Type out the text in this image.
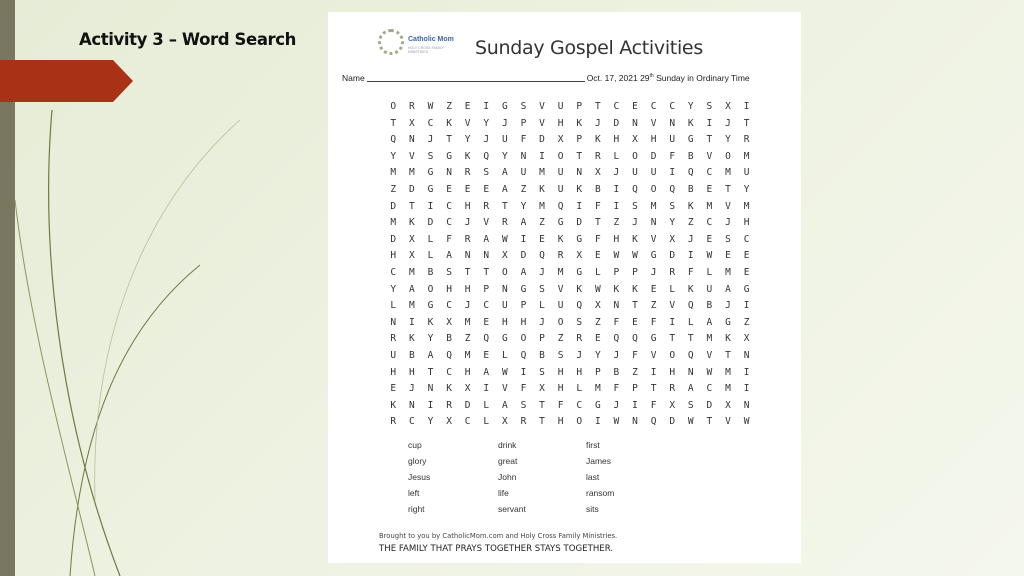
Activity 3 – Word Search	Catholic Mom
HOLY CROSS FAMILY MINISTRIES	Sunday Gospel Activities
Name	Oct. 17, 2021 29th Sunday in Ordinary Time
O	R	W	Z	E	I	G	S	V	U	P	T	C	E	C	C	Y	S	X	I
T	X	C	K	V	Y	J	P	V	H	K	J	D	N	V	N	K	I	J	T
Q	N	J	T	Y	J	U	F	D	X	P	K	H	X	H	U	G	T	Y	R
Y	V	S	G	K	Q	Y	N	I	O	T	R	L	O	D	F	B	V	O	M
M	M	G	N	R	S	A	U	M	U	N	X	J	U	U	I	Q	C	M	U
Z	D	G	E	E	E	A	Z	K	U	K	B	I	Q	O	Q	B	E	T	Y
D	T	I	C	H	R	T	Y	M	Q	I	F	I	S	M	S	K	M	V	M
M	K	D	C	J	V	R	A	Z	G	D	T	Z	J	N	Y	Z	C	J	H
D	X	L	F	R	A	W	I	E	K	G	F	H	K	V	X	J	E	S	C
H	X	L	A	N	N	X	D	Q	R	X	E	W	W	G	D	I	W	E	E
C	M	B	S	T	T	O	A	J	M	G	L	P	P	J	R	F	L	M	E
Y	A	O	H	H	P	N	G	S	V	K	W	K	K	E	L	K	U	A	G
L	M	G	C	J	C	U	P	L	U	Q	X	N	T	Z	V	Q	B	J	I
N	I	K	X	M	E	H	H	J	O	S	Z	F	E	F	I	L	A	G	Z
R	K	Y	B	Z	Q	G	O	P	Z	R	E	Q	Q	G	T	T	M	K	X
U	B	A	Q	M	E	L	Q	B	S	J	Y	J	F	V	O	Q	V	T	N
H	H	T	C	H	A	W	I	S	H	H	P	B	Z	I	H	N	W	M	I
E	J	N	K	X	I	V	F	X	H	L	M	F	P	T	R	A	C	M	I
K	N	I	R	D	L	A	S	T	F	C	G	J	I	F	X	S	D	X	N
R	C	Y	X	C	L	X	R	T	H	O	I	W	N	Q	D	W	T	V	W
cup	drink	first
glory	great	James
Jesus	John	last
left	life	ransom
right	servant	sits
Brought to you by CatholicMom.com and Holy Cross Family Ministries.
THE FAMILY THAT PRAYS TOGETHER STAYS TOGETHER.
